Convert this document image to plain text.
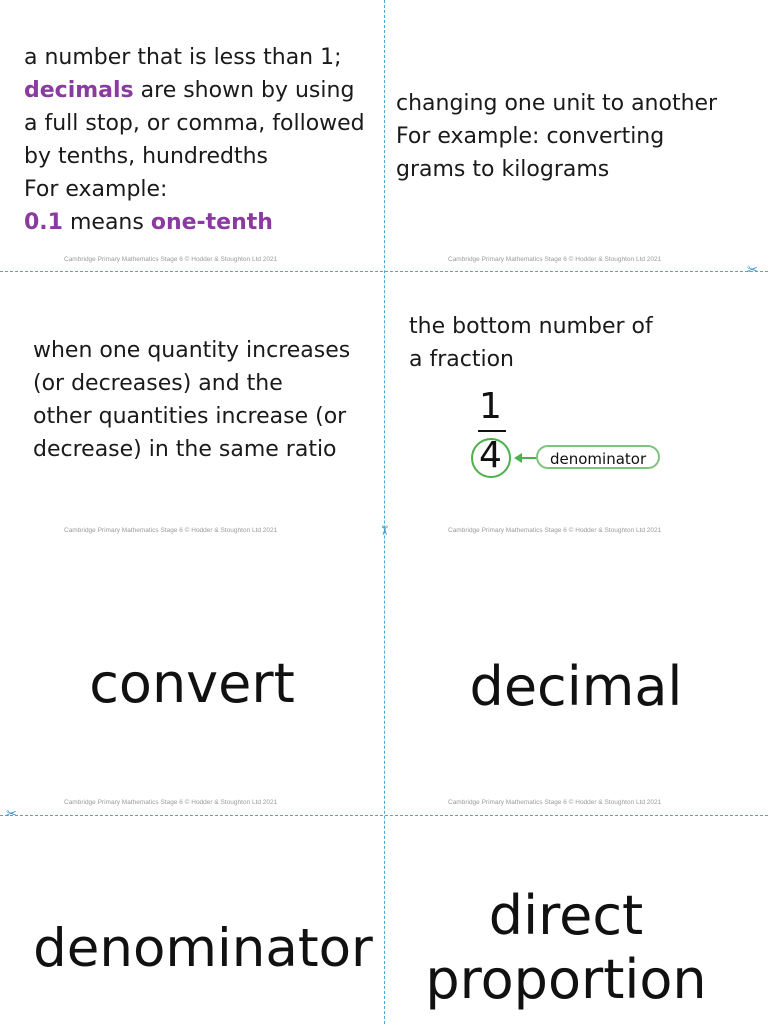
✂
✂
✂
a number that is less than 1;
decimals are shown by using
a full stop, or comma, followed
by tenths, hundredths
For example:
0.1 means one-tenth
Cambridge Primary Mathematics Stage 6 © Hodder & Stoughton Ltd 2021
changing one unit to another
For example: converting
grams to kilograms
Cambridge Primary Mathematics Stage 6 © Hodder & Stoughton Ltd 2021
when one quantity increases
(or decreases) and the
other quantities increase (or
decrease) in the same ratio
Cambridge Primary Mathematics Stage 6 © Hodder & Stoughton Ltd 2021
the bottom number of
a fraction
1
4	denominator
Cambridge Primary Mathematics Stage 6 © Hodder & Stoughton Ltd 2021
convert
Cambridge Primary Mathematics Stage 6 © Hodder & Stoughton Ltd 2021
decimal
Cambridge Primary Mathematics Stage 6 © Hodder & Stoughton Ltd 2021
denominator
direct
proportion
